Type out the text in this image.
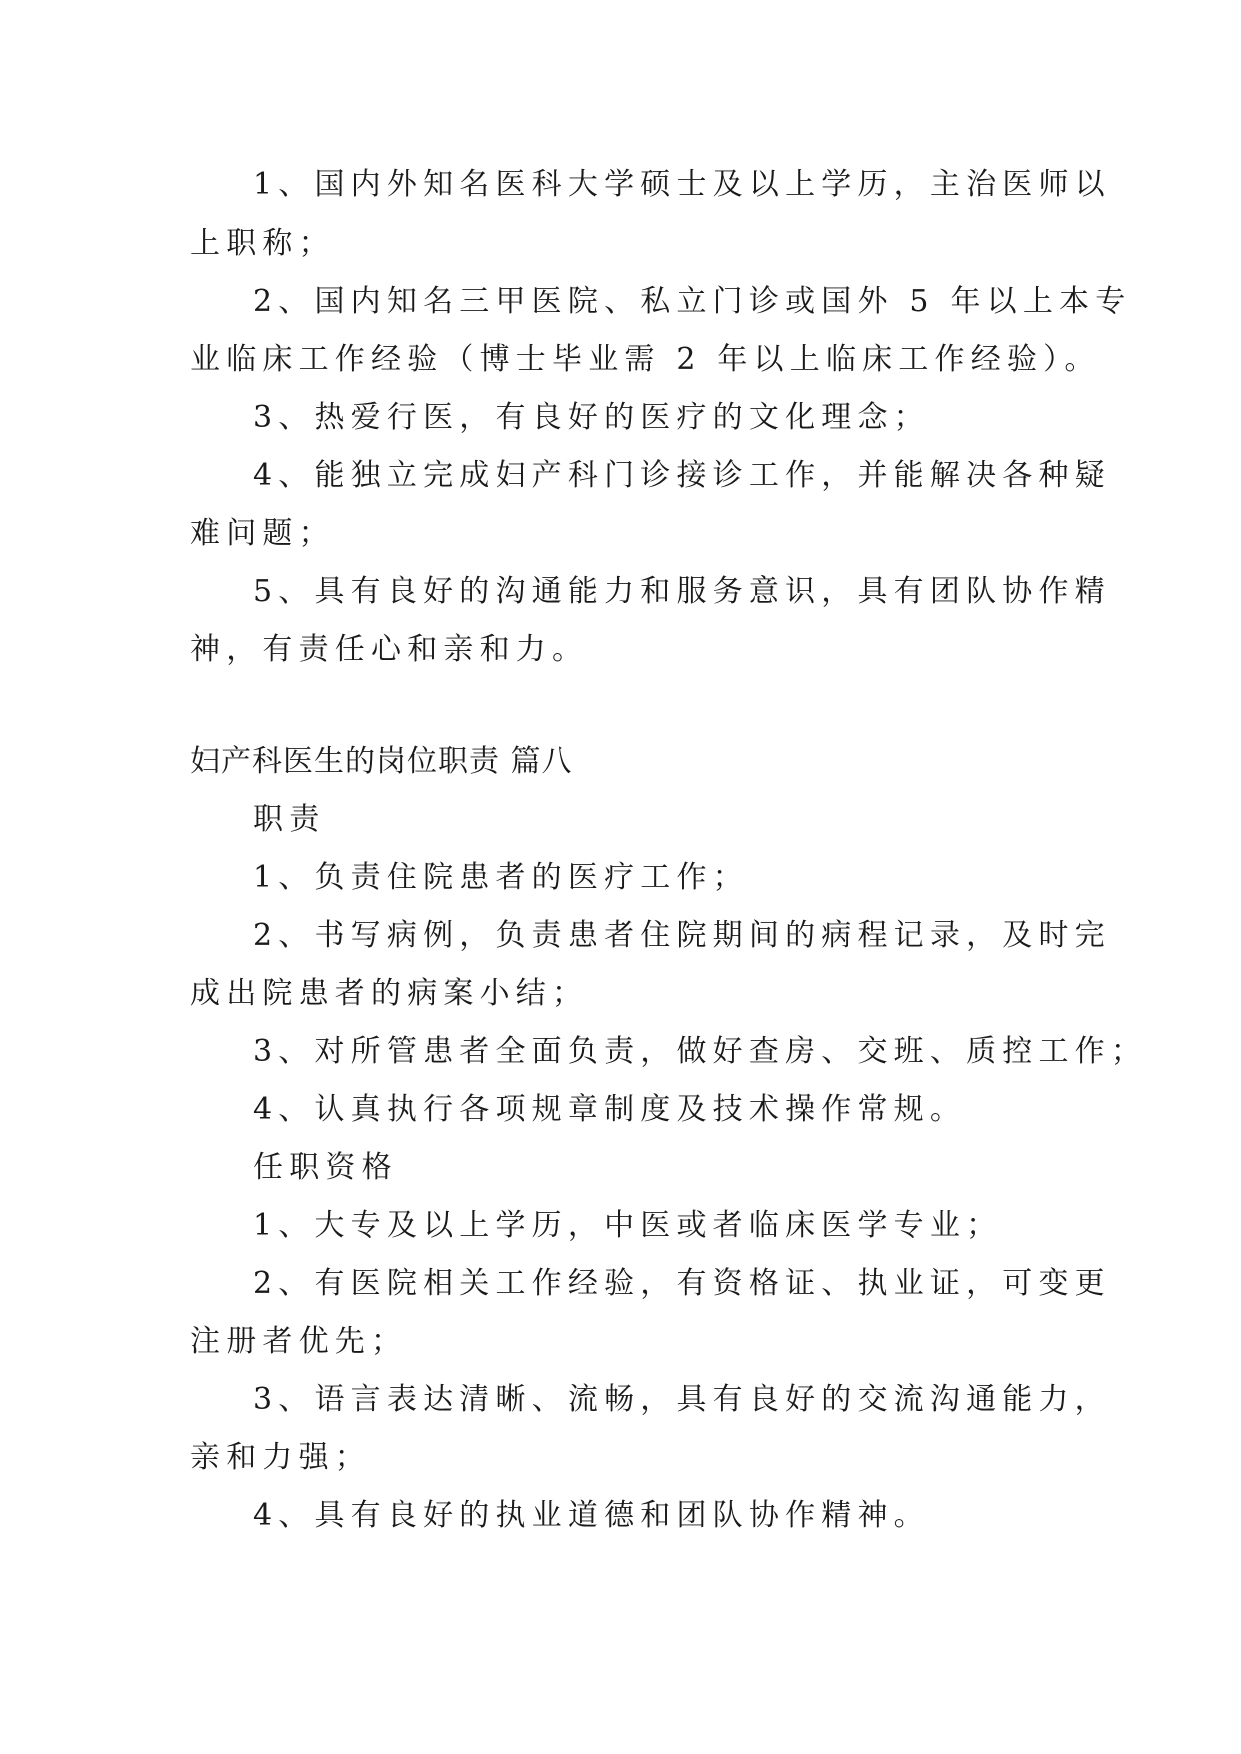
1、国内外知名医科大学硕士及以上学历，主治医师以
上职称；
2、国内知名三甲医院、私立门诊或国外 5 年以上本专
业临床工作经验（博士毕业需 2 年以上临床工作经验）。
3、热爱行医，有良好的医疗的文化理念；
4、能独立完成妇产科门诊接诊工作，并能解决各种疑
难问题；
5、具有良好的沟通能力和服务意识，具有团队协作精
神，有责任心和亲和力。
妇产科医生的岗位职责 篇八
职责
1、负责住院患者的医疗工作；
2、书写病例，负责患者住院期间的病程记录，及时完
成出院患者的病案小结；
3、对所管患者全面负责，做好查房、交班、质控工作；
4、认真执行各项规章制度及技术操作常规。
任职资格
1、大专及以上学历，中医或者临床医学专业；
2、有医院相关工作经验，有资格证、执业证，可变更
注册者优先；
3、语言表达清晰、流畅，具有良好的交流沟通能力，
亲和力强；
4、具有良好的执业道德和团队协作精神。
